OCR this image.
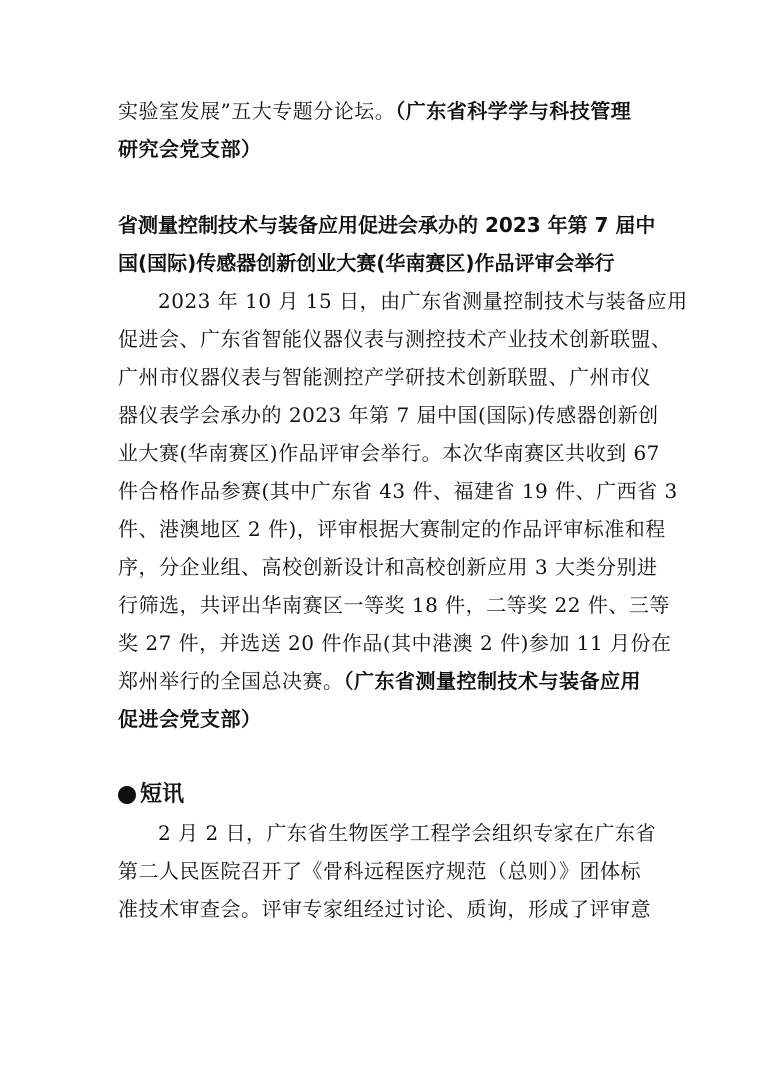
实验室发展”五大专题分论坛。（广东省科学学与科技管理
研究会党支部）
省测量控制技术与装备应用促进会承办的 2023 年第 7 届中
国(国际)传感器创新创业大赛(华南赛区)作品评审会举行
2023 年 10 月 15 日，由广东省测量控制技术与装备应用
促进会、广东省智能仪器仪表与测控技术产业技术创新联盟、
广州市仪器仪表与智能测控产学研技术创新联盟、广州市仪
器仪表学会承办的 2023 年第 7 届中国(国际)传感器创新创
业大赛(华南赛区)作品评审会举行。本次华南赛区共收到 67
件合格作品参赛(其中广东省 43 件、福建省 19 件、广西省 3
件、港澳地区 2 件)，评审根据大赛制定的作品评审标准和程
序，分企业组、高校创新设计和高校创新应用 3 大类分别进
行筛选，共评出华南赛区一等奖 18 件，二等奖 22 件、三等
奖 27 件，并选送 20 件作品(其中港澳 2 件)参加 11 月份在
郑州举行的全国总决赛。（广东省测量控制技术与装备应用
促进会党支部）
短讯
2 月 2 日，广东省生物医学工程学会组织专家在广东省
第二人民医院召开了《骨科远程医疗规范（总则）》团体标
准技术审查会。评审专家组经过讨论、质询，形成了评审意
